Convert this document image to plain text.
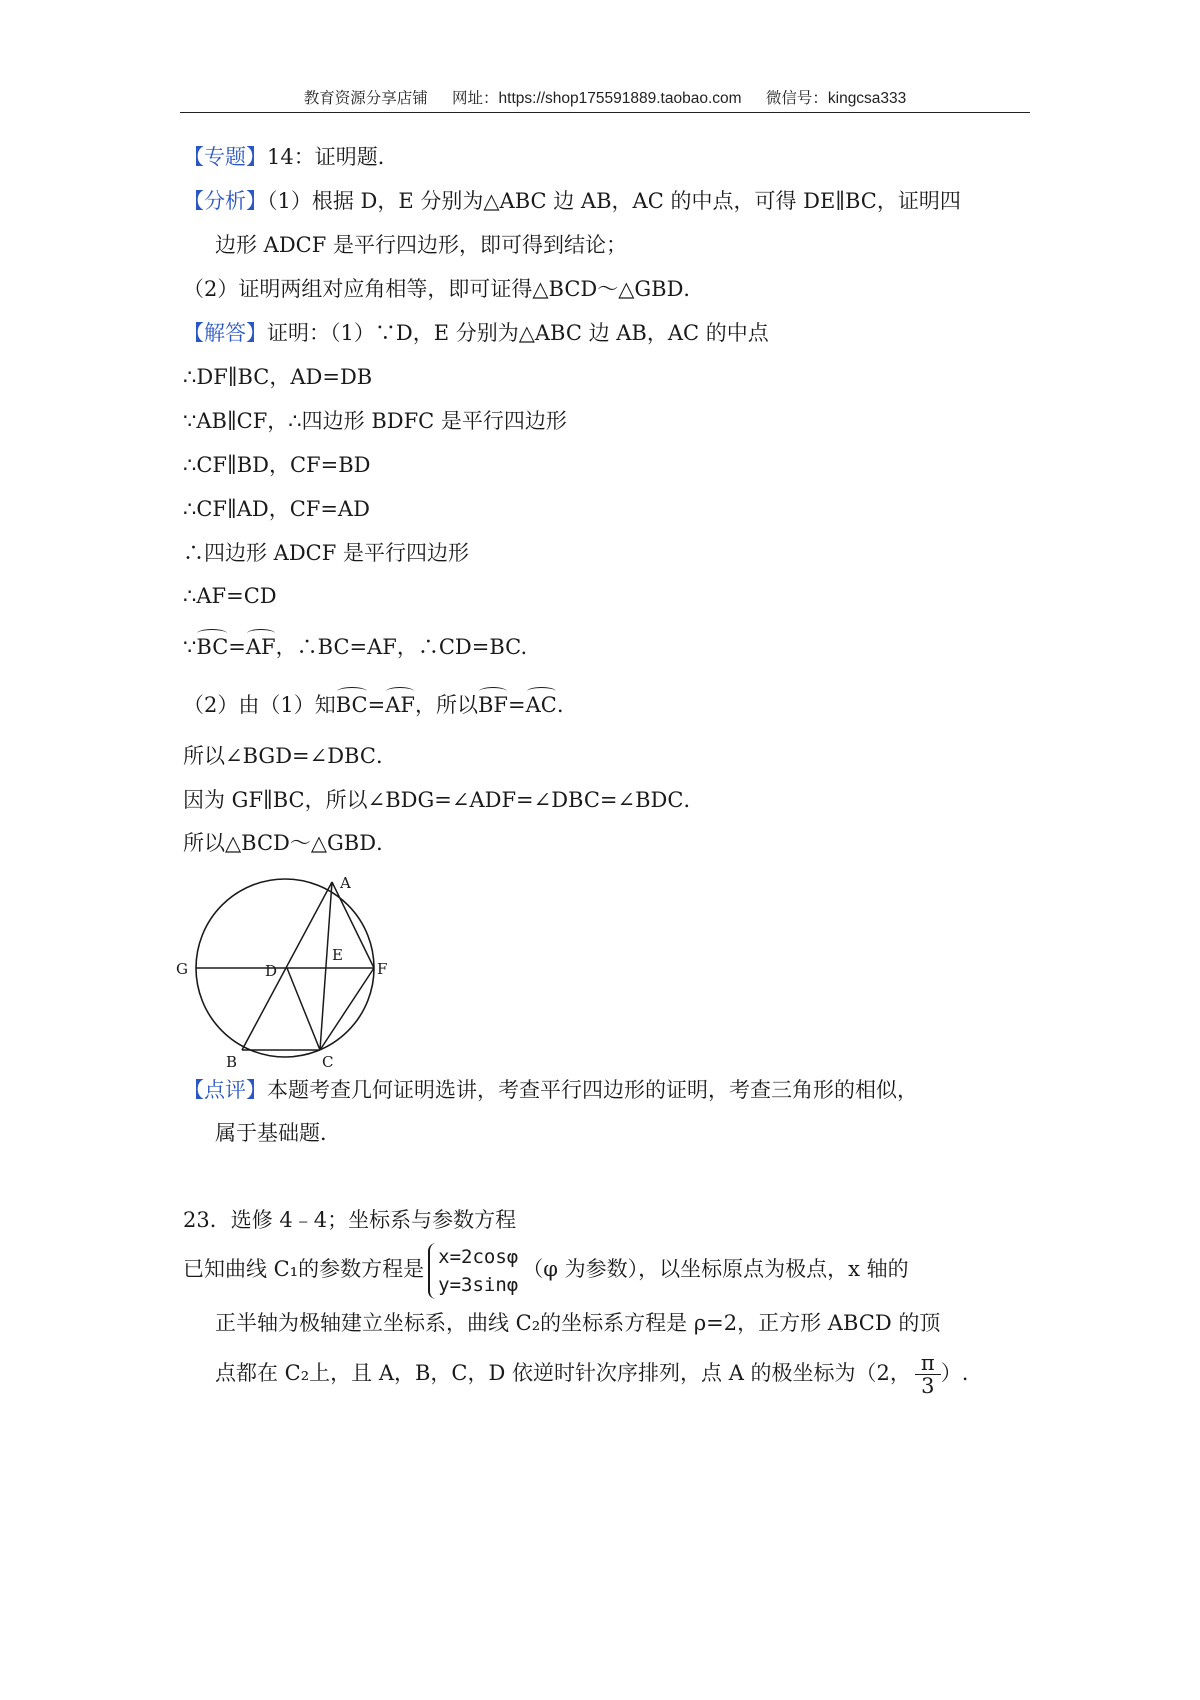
教育资源分享店铺 网址：https://shop175591889.taobao.com 微信号：kingcsa333
【专题】14：证明题．
【分析】（1）根据 D，E 分别为△ABC 边 AB，AC 的中点，可得 DE∥BC，证明四
边形 ADCF 是平行四边形，即可得到结论；
（2）证明两组对应角相等，即可证得△BCD～△GBD．
【解答】证明：（1）∵D，E 分别为△ABC 边 AB，AC 的中点
∴DF∥BC，AD=DB
∵AB∥CF，∴四边形 BDFC 是平行四边形
∴CF∥BD，CF=BD
∴CF∥AD，CF=AD
∴四边形 ADCF 是平行四边形
∴AF=CD
∵BC=AF，∴BC=AF，∴CD=BC.
（2）由（1）知BC=AF，所以BF=AC.
所以∠BGD=∠DBC．
因为 GF∥BC，所以∠BDG=∠ADF=∠DBC=∠BDC．
所以△BCD～△GBD．
A
B	C
D
E
F
G
【点评】本题考查几何证明选讲，考查平行四边形的证明，考查三角形的相似，
属于基础题．
23．选修 4﹣4；坐标系与参数方程
已知曲线 C₁的参数方程是
x=2cosφ
y=3sinφ
（φ 为参数），以坐标原点为极点，x 轴的
正半轴为极轴建立坐标系，曲线 C₂的坐标系方程是 ρ=2，正方形 ABCD 的顶
点都在 C₂上，且 A，B，C，D 依逆时针次序排列，点 A 的极坐标为（2， $\frac{\pi}{3}$ ）.
